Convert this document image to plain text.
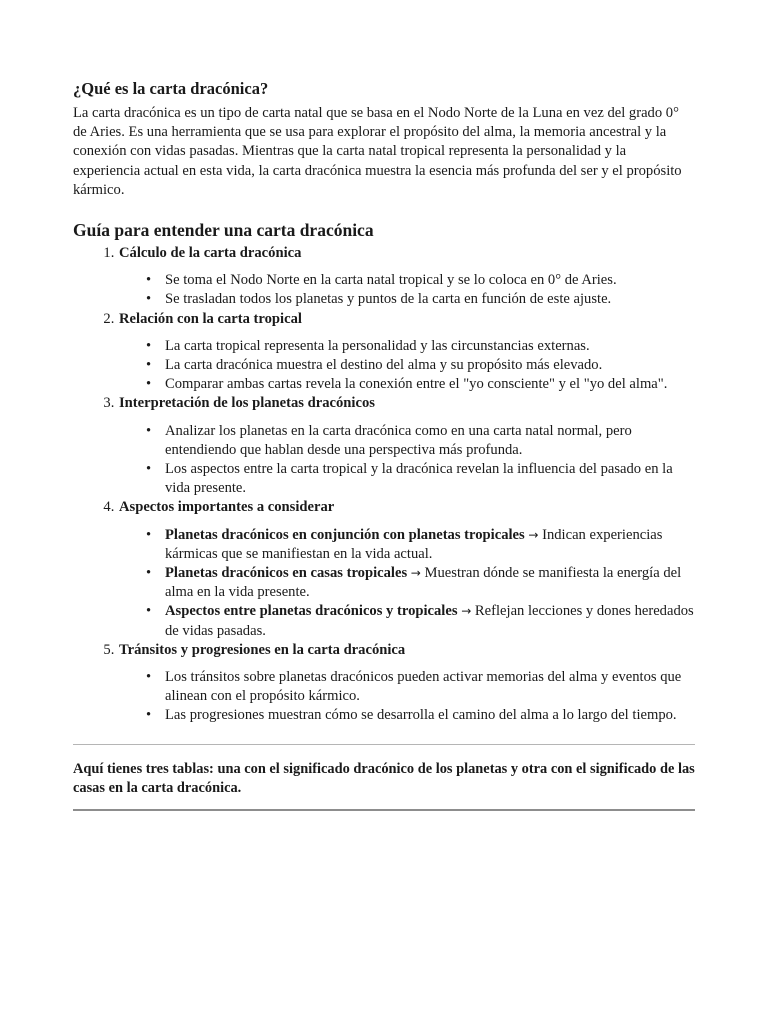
¿Qué es la carta dracónica?

La carta dracónica es un tipo de carta natal que se basa en el Nodo Norte de la Luna en vez del grado 0° de Aries. Es una herramienta que se usa para explorar el propósito del alma, la memoria ancestral y la conexión con vidas pasadas. Mientras que la carta natal tropical representa la personalidad y la experiencia actual en esta vida, la carta dracónica muestra la esencia más profunda del ser y el propósito kármico.

Guía para entender una carta dracónica
1. Cálculo de la carta dracónica
• Se toma el Nodo Norte en la carta natal tropical y se lo coloca en 0° de Aries.
• Se trasladan todos los planetas y puntos de la carta en función de este ajuste.
2. Relación con la carta tropical
• La carta tropical representa la personalidad y las circunstancias externas.
• La carta dracónica muestra el destino del alma y su propósito más elevado.
• Comparar ambas cartas revela la conexión entre el "yo consciente" y el "yo del alma".
3. Interpretación de los planetas dracónicos
• Analizar los planetas en la carta dracónica como en una carta natal normal, pero entendiendo que hablan desde una perspectiva más profunda.
• Los aspectos entre la carta tropical y la dracónica revelan la influencia del pasado en la vida presente.
4. Aspectos importantes a considerar
• Planetas dracónicos en conjunción con planetas tropicales → Indican experiencias kármicas que se manifiestan en la vida actual.
• Planetas dracónicos en casas tropicales → Muestran dónde se manifiesta la energía del alma en la vida presente.
• Aspectos entre planetas dracónicos y tropicales → Reflejan lecciones y dones heredados de vidas pasadas.
5. Tránsitos y progresiones en la carta dracónica
• Los tránsitos sobre planetas dracónicos pueden activar memorias del alma y eventos que alinean con el propósito kármico.
• Las progresiones muestran cómo se desarrolla el camino del alma a lo largo del tiempo.

Aquí tienes tres tablas: una con el significado dracónico de los planetas y otra con el significado de las casas en la carta dracónica.
